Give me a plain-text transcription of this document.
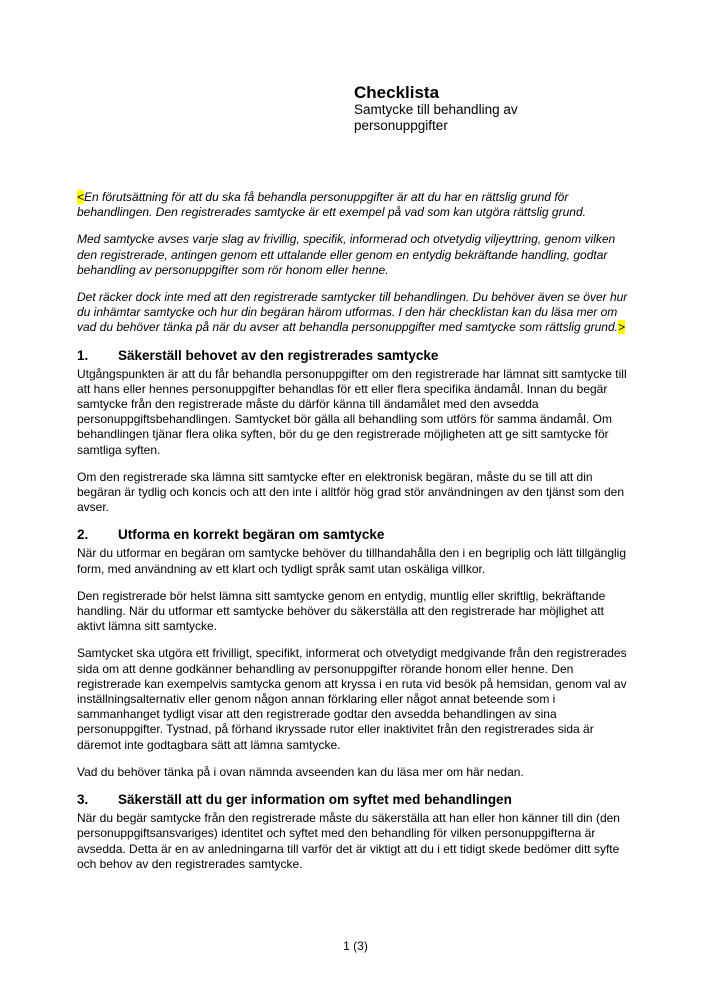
Checklista
Samtycke till behandling av
personuppgifter

<En förutsättning för att du ska få behandla personuppgifter är att du har en rättslig grund för behandlingen. Den registrerades samtycke är ett exempel på vad som kan utgöra rättslig grund.

Med samtycke avses varje slag av frivillig, specifik, informerad och otvetydig viljeyttring, genom vilken den registrerade, antingen genom ett uttalande eller genom en entydig bekräftande handling, godtar behandling av personuppgifter som rör honom eller henne.

Det räcker dock inte med att den registrerade samtycker till behandlingen. Du behöver även se över hur du inhämtar samtycke och hur din begäran härom utformas. I den här checklistan kan du läsa mer om vad du behöver tänka på när du avser att behandla personuppgifter med samtycke som rättslig grund.>

1. Säkerställ behovet av den registrerades samtycke

Utgångspunkten är att du får behandla personuppgifter om den registrerade har lämnat sitt samtycke till att hans eller hennes personuppgifter behandlas för ett eller flera specifika ändamål. Innan du begär samtycke från den registrerade måste du därför känna till ändamålet med den avsedda personuppgiftsbehandlingen. Samtycket bör gälla all behandling som utförs för samma ändamål. Om behandlingen tjänar flera olika syften, bör du ge den registrerade möjligheten att ge sitt samtycke för samtliga syften.

Om den registrerade ska lämna sitt samtycke efter en elektronisk begäran, måste du se till att din begäran är tydlig och koncis och att den inte i alltför hög grad stör användningen av den tjänst som den avser.

2. Utforma en korrekt begäran om samtycke

När du utformar en begäran om samtycke behöver du tillhandahålla den i en begriplig och lätt tillgänglig form, med användning av ett klart och tydligt språk samt utan oskäliga villkor.

Den registrerade bör helst lämna sitt samtycke genom en entydig, muntlig eller skriftlig, bekräftande handling. När du utformar ett samtycke behöver du säkerställa att den registrerade har möjlighet att aktivt lämna sitt samtycke.

Samtycket ska utgöra ett frivilligt, specifikt, informerat och otvetydigt medgivande från den registrerades sida om att denne godkänner behandling av personuppgifter rörande honom eller henne. Den registrerade kan exempelvis samtycka genom att kryssa i en ruta vid besök på hemsidan, genom val av inställningsalternativ eller genom någon annan förklaring eller något annat beteende som i sammanhanget tydligt visar att den registrerade godtar den avsedda behandlingen av sina personuppgifter. Tystnad, på förhand ikryssade rutor eller inaktivitet från den registrerades sida är däremot inte godtagbara sätt att lämna samtycke.

Vad du behöver tänka på i ovan nämnda avseenden kan du läsa mer om här nedan.

3. Säkerställ att du ger information om syftet med behandlingen

När du begär samtycke från den registrerade måste du säkerställa att han eller hon känner till din (den personuppgiftsansvariges) identitet och syftet med den behandling för vilken personuppgifterna är avsedda. Detta är en av anledningarna till varför det är viktigt att du i ett tidigt skede bedömer ditt syfte och behov av den registrerades samtycke.

1 (3)
